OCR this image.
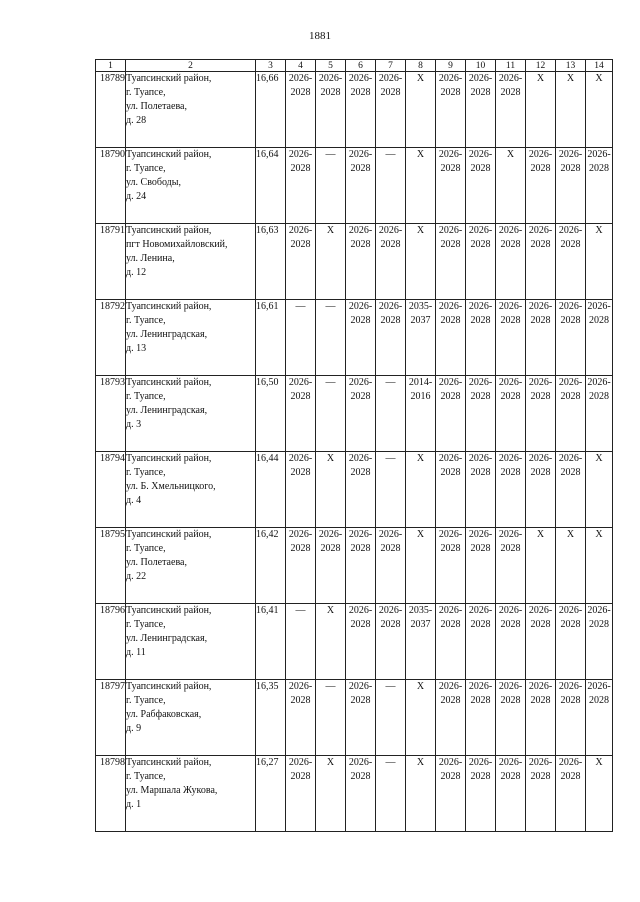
1881
1	2	3	4	5	6	7	8	9	10	11	12	13	14
18789	Туапсинский район,
г. Туапсе,
ул. Полетаева,
д. 28	16,66	2026-
2028	2026-
2028	2026-
2028	2026-
2028	X	2026-
2028	2026-
2028	2026-
2028	X	X	X

18790	Туапсинский район,
г. Туапсе,
ул. Свободы,
д. 24	16,64	2026-
2028	—	2026-
2028	—	X	2026-
2028	2026-
2028	X	2026-
2028	2026-
2028	2026-
2028

18791	Туапсинский район,
пгт Новомихайловский,
ул. Ленина,
д. 12	16,63	2026-
2028	X	2026-
2028	2026-
2028	X	2026-
2028	2026-
2028	2026-
2028	2026-
2028	2026-
2028	X

18792	Туапсинский район,
г. Туапсе,
ул. Ленинградская,
д. 13	16,61	—	—	2026-
2028	2026-
2028	2035-
2037	2026-
2028	2026-
2028	2026-
2028	2026-
2028	2026-
2028	2026-
2028

18793	Туапсинский район,
г. Туапсе,
ул. Ленинградская,
д. 3	16,50	2026-
2028	—	2026-
2028	—	2014-
2016	2026-
2028	2026-
2028	2026-
2028	2026-
2028	2026-
2028	2026-
2028

18794	Туапсинский район,
г. Туапсе,
ул. Б. Хмельницкого,
д. 4	16,44	2026-
2028	X	2026-
2028	—	X	2026-
2028	2026-
2028	2026-
2028	2026-
2028	2026-
2028	X

18795	Туапсинский район,
г. Туапсе,
ул. Полетаева,
д. 22	16,42	2026-
2028	2026-
2028	2026-
2028	2026-
2028	X	2026-
2028	2026-
2028	2026-
2028	X	X	X

18796	Туапсинский район,
г. Туапсе,
ул. Ленинградская,
д. 11	16,41	—	X	2026-
2028	2026-
2028	2035-
2037	2026-
2028	2026-
2028	2026-
2028	2026-
2028	2026-
2028	2026-
2028

18797	Туапсинский район,
г. Туапсе,
ул. Рабфаковская,
д. 9	16,35	2026-
2028	—	2026-
2028	—	X	2026-
2028	2026-
2028	2026-
2028	2026-
2028	2026-
2028	2026-
2028

18798	Туапсинский район,
г. Туапсе,
ул. Маршала Жукова,
д. 1	16,27	2026-
2028	X	2026-
2028	—	X	2026-
2028	2026-
2028	2026-
2028	2026-
2028	2026-
2028	X
